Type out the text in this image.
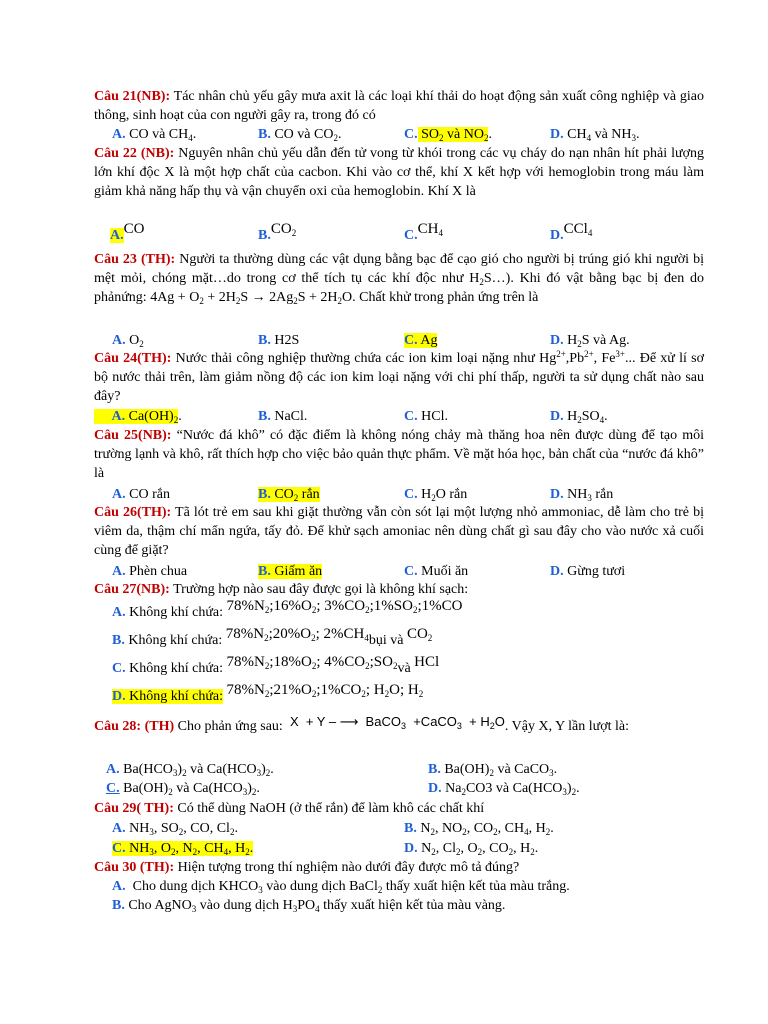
Câu 21(NB): Tác nhân chủ yếu gây mưa axit là các loại khí thải do hoạt động sản xuất công nghiệp và giao thông, sinh hoạt của con người gây ra, trong đó có
A. CO và $CH_4$.	B. CO và $CO_2$.	C. $SO_2$ và $NO_2$.	D. $CH_4$ và $NH_3$.
Câu 22 (NB): Nguyên nhân chủ yếu dẫn đến tử vong từ khói trong các vụ cháy do nạn nhân hít phải lượng lớn khí độc X là một hợp chất của cacbon. Khi vào cơ thể, khí X kết hợp với hemoglobin trong máu làm giảm khả năng hấp thụ và vận chuyển oxi của hemoglobin. Khí X là
A.CO	$B.CO_2$	$C.CH_4$	D.CCl$_4$
Câu 23 (TH): Người ta thường dùng các vật dụng bằng bạc để cạo gió cho người bị trúng gió khi người bị mệt mỏi, chóng mặt…do trong cơ thể tích tụ các khí độc như $H_2S\dots$). Khi đó vật bằng bạc bị đen do phảnứng: $4Ag + O_2 + 2H_2S \to 2Ag_2S + 2H_2O$. Chất khử trong phản ứng trên là
A. $O_2$	B. H2S	C. Ag	D. $H_2S$ và Ag.
Câu 24(TH): Nước thải công nghiệp thường chứa các ion kim loại nặng như $Hg^{2+},Pb^{2+}$, $Fe^{3+}$... Để xử lí sơ bộ nước thải trên, làm giảm nồng độ các ion kim loại nặng với chi phí thấp, người ta sử dụng chất nào sau đây?
A. $Ca(OH)_2$.	B. NaCl.	C. HCl.	D. $H_2SO_4$.
Câu 25(NB): “Nước đá khô” có đặc điểm là không nóng chảy mà thăng hoa nên được dùng để tạo môi trường lạnh và khô, rất thích hợp cho việc bảo quản thực phẩm. Về mặt hóa học, bản chất của “nước đá khô” là
A. CO rắn	B. $CO_2$ rắn	C. $H_2O$ rắn	D. $NH_3$ rắn
Câu 26(TH): Tã lót trẻ em sau khi giặt thường vẫn còn sót lại một lượng nhỏ ammoniac, dễ làm cho trẻ bị viêm da, thậm chí mẩn ngứa, tấy đỏ. Để khử sạch amoniac nên dùng chất gì sau đây cho vào nước xả cuối cùng để giặt?
A. Phèn chua	B. Giấm ăn	C. Muối ăn	D. Gừng tươi
Câu 27(NB): Trường hợp nào sau đây được gọi là không khí sạch:
A. Không khí chứa: $78\%N_2;16\%O_2$; $3\%CO_2;1\%SO_2;1\%CO$
B. Không khí chứa: $78\%N_2;20\%O_2$; $2\%CH_4bụi$ và $CO_2$
C. Không khí chứa: $78\%N_2;18\%O_2$; $4\%CO_2;SO_2và$ HCl
D. Không khí chứa: $78\%N_2;21\%O_2;1\%CO_2$; $H_2O$; $H_2$
Câu 28: (TH) Cho phản ứng sau:  X  + Y – ⟶  BaCO$_3$  +CaCO$_3$  + $H_2O$. Vậy X, Y lần lượt là:
A. $Ba(HCO_3)_2$ và $Ca(HCO_3)_2$.	B. $Ba(OH)_2$ và CaCO$_3$.
C. $Ba(OH)_2$ và $Ca(HCO_3)_2$.	D. $Na_2CO3$ và $Ca(HCO_3)_2$.
Câu 29( TH): Có thể dùng NaOH (ở thể rắn) để làm khô các chất khí
A. $NH_3$, $SO_2$, CO, $Cl_2$.	B. $N_2$, $NO_2$, $CO_2$, $CH_4$, $H_2$.
C. $NH_3$, $O_2$, $N_2$, $CH_4$, $H_2$.	D. $N_2$, $Cl_2$, $O_2$, $CO_2$, $H_2$.
Câu 30 (TH): Hiện tượng trong thí nghiệm nào dưới đây được mô tả đúng?
A.  Cho dung dịch $KHCO_3$ vào dung dịch BaCl$_2$ thấy xuất hiện kết tủa màu trắng.
B. Cho AgNO$_3$ vào dung dịch $H_3PO_4$ thấy xuất hiện kết tủa màu vàng.
